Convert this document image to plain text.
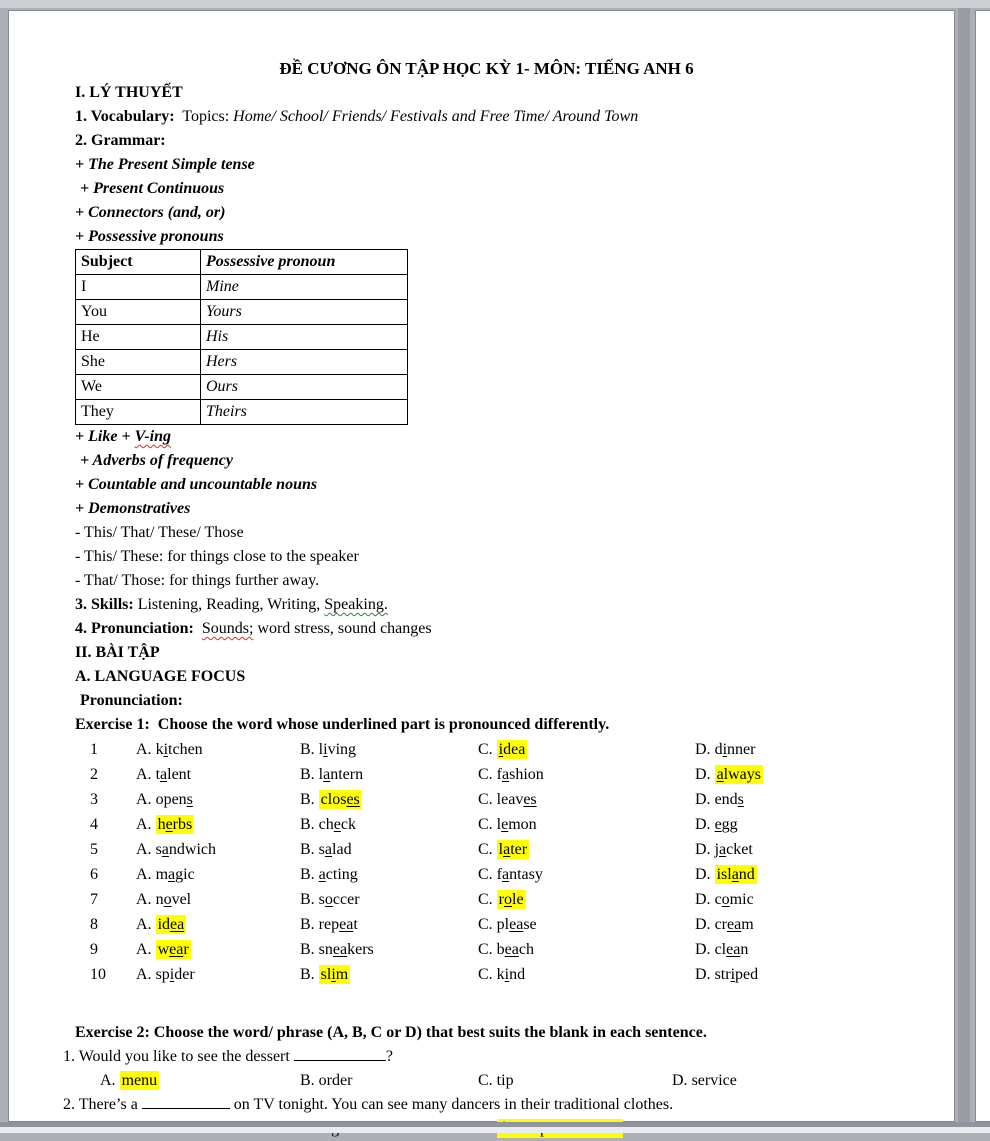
ĐỀ CƯƠNG ÔN TẬP HỌC KỲ 1- MÔN: TIẾNG ANH 6
I. LÝ THUYẾT
1. Vocabulary:  Topics: Home/ School/ Friends/ Festivals and Free Time/ Around Town
2. Grammar:
+ The Present Simple tense
+ Present Continuous
+ Connectors (and, or)
+ Possessive pronouns
Subject	Possessive pronoun
I	Mine
You	Yours
He	His
She	Hers
We	Ours
They	Theirs
+ Like + V-ing
+ Adverbs of frequency
+ Countable and uncountable nouns
+ Demonstratives
- This/ That/ These/ Those
- This/ These: for things close to the speaker
- That/ Those: for things further away.
3. Skills: Listening, Reading, Writing, Speaking.
4. Pronunciation: Sounds; word stress, sound changes
II. BÀI TẬP
A. LANGUAGE FOCUS
Pronunciation:
Exercise 1:  Choose the word whose underlined part is pronounced differently.
1	A. kitchen	B. living	C. idea	D. dinner
2	A. talent	B. lantern	C. fashion	D. always
3	A. opens	B. closes	C. leaves	D. ends
4	A. herbs	B. check	C. lemon	D. egg
5	A. sandwich	B. salad	C. later	D. jacket
6	A. magic	B. acting	C. fantasy	D. island
7	A. novel	B. soccer	C. role	D. comic
8	A. idea	B. repeat	C. please	D. cream
9	A. wear	B. sneakers	C. beach	D. clean
10	A. spider	B. slim	C. kind	D. striped
Exercise 2: Choose the word/ phrase (A, B, C or D) that best suits the blank in each sentence.
1. Would you like to see the dessert	?
A. menu	B. order	C. tip	D. service
2. There’s a	on TV tonight. You can see many dancers in their traditional clothes.
